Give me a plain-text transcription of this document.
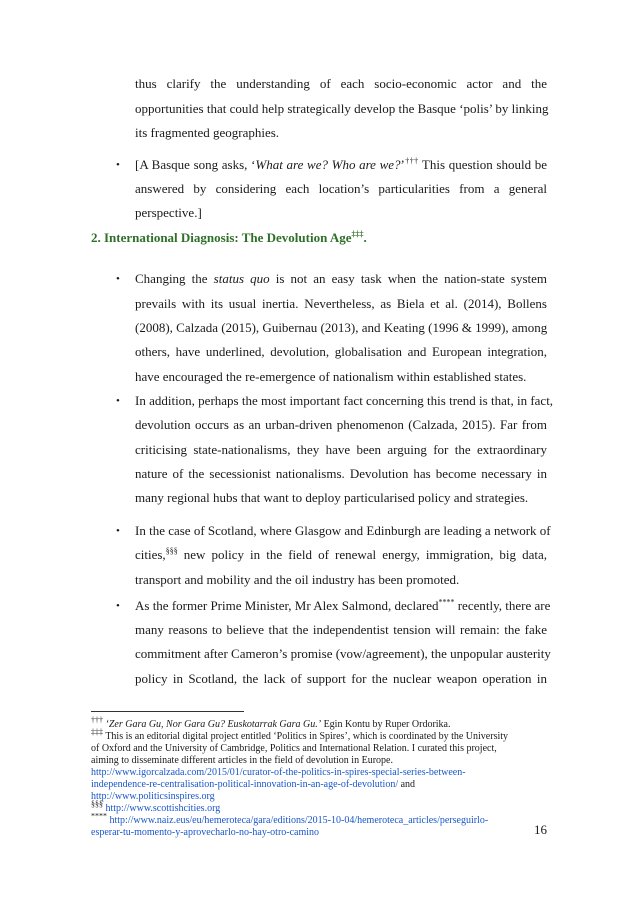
thus clarify the understanding of each socio-economic actor and the
opportunities that could help strategically develop the Basque ‘polis’ by linking
its fragmented geographies.
• [A Basque song asks, ‘What are we? Who are we?’††† This question should be
answered by considering each location’s particularities from a general
perspective.]
2. International Diagnosis: The Devolution Age‡‡‡.
• Changing the status quo is not an easy task when the nation-state system
prevails with its usual inertia. Nevertheless, as Biela et al. (2014), Bollens
(2008), Calzada (2015), Guibernau (2013), and Keating (1996 & 1999), among
others, have underlined, devolution, globalisation and European integration,
have encouraged the re-emergence of nationalism within established states.
• In addition, perhaps the most important fact concerning this trend is that, in fact,
devolution occurs as an urban-driven phenomenon (Calzada, 2015). Far from
criticising state-nationalisms, they have been arguing for the extraordinary
nature of the secessionist nationalisms. Devolution has become necessary in
many regional hubs that want to deploy particularised policy and strategies.
• In the case of Scotland, where Glasgow and Edinburgh are leading a network of
cities,§§§ new policy in the field of renewal energy, immigration, big data,
transport and mobility and the oil industry has been promoted.
• As the former Prime Minister, Mr Alex Salmond, declared**** recently, there are
many reasons to believe that the independentist tension will remain: the fake
commitment after Cameron’s promise (vow/agreement), the unpopular austerity
policy in Scotland, the lack of support for the nuclear weapon operation in
††† ‘Zer Gara Gu, Nor Gara Gu? Euskotarrak Gara Gu.’ Egin Kontu by Ruper Ordorika.
‡‡‡ This is an editorial digital project entitled ‘Politics in Spires’, which is coordinated by the University
of Oxford and the University of Cambridge, Politics and International Relation. I curated this project,
aiming to disseminate different articles in the field of devolution in Europe.
http://www.igorcalzada.com/2015/01/curator-of-the-politics-in-spires-special-series-between-
independence-re-centralisation-political-innovation-in-an-age-of-devolution/ and
http://www.politicsinspires.org
§§§ http://www.scottishcities.org
**** http://www.naiz.eus/eu/hemeroteca/gara/editions/2015-10-04/hemeroteca_articles/perseguirlo-
esperar-tu-momento-y-aprovecharlo-no-hay-otro-camino	16
